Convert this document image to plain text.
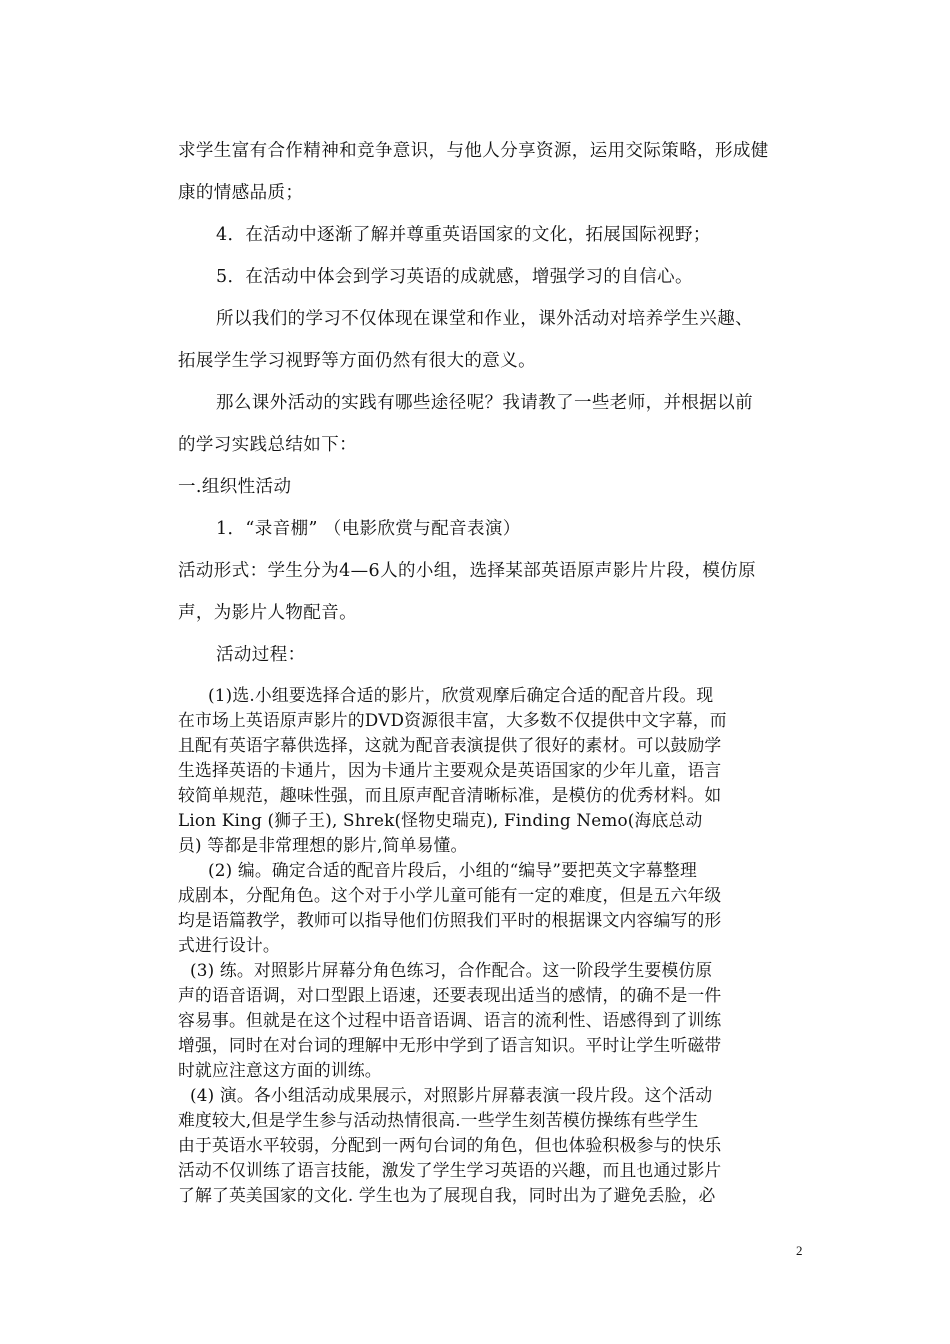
求学生富有合作精神和竞争意识，与他人分享资源，运用交际策略，形成健
康的情感品质；
4．在活动中逐渐了解并尊重英语国家的文化，拓展国际视野；
5．在活动中体会到学习英语的成就感，增强学习的自信心。
所以我们的学习不仅体现在课堂和作业，课外活动对培养学生兴趣、
拓展学生学习视野等方面仍然有很大的意义。
那么课外活动的实践有哪些途径呢？我请教了一些老师，并根据以前
的学习实践总结如下：
一.组织性活动
1．“录音棚” （电影欣赏与配音表演）
活动形式：学生分为4—6人的小组，选择某部英语原声影片片段，模仿原
声，为影片人物配音。
活动过程：
(1)选.小组要选择合适的影片，欣赏观摩后确定合适的配音片段。现
在市场上英语原声影片的DVD资源很丰富，大多数不仅提供中文字幕，而
且配有英语字幕供选择，这就为配音表演提供了很好的素材。可以鼓励学
生选择英语的卡通片，因为卡通片主要观众是英语国家的少年儿童，语言
较简单规范，趣味性强，而且原声配音清晰标准，是模仿的优秀材料。如
Lion King (狮子王), Shrek(怪物史瑞克), Finding Nemo(海底总动
员) 等都是非常理想的影片,简单易懂。
(2) 编。确定合适的配音片段后，小组的“编导”要把英文字幕整理
成剧本，分配角色。这个对于小学儿童可能有一定的难度，但是五六年级
均是语篇教学，教师可以指导他们仿照我们平时的根据课文内容编写的形
式进行设计。
(3) 练。对照影片屏幕分角色练习，合作配合。这一阶段学生要模仿原
声的语音语调，对口型跟上语速，还要表现出适当的感情，的确不是一件
容易事。但就是在这个过程中语音语调、语言的流利性、语感得到了训练
增强，同时在对台词的理解中无形中学到了语言知识。平时让学生听磁带
时就应注意这方面的训练。
(4) 演。各小组活动成果展示，对照影片屏幕表演一段片段。这个活动
难度较大,但是学生参与活动热情很高.一些学生刻苦模仿操练有些学生
由于英语水平较弱，分配到一两句台词的角色，但也体验积极参与的快乐
活动不仅训练了语言技能，激发了学生学习英语的兴趣，而且也通过影片
了解了英美国家的文化. 学生也为了展现自我，同时出为了避免丢脸，必
2
